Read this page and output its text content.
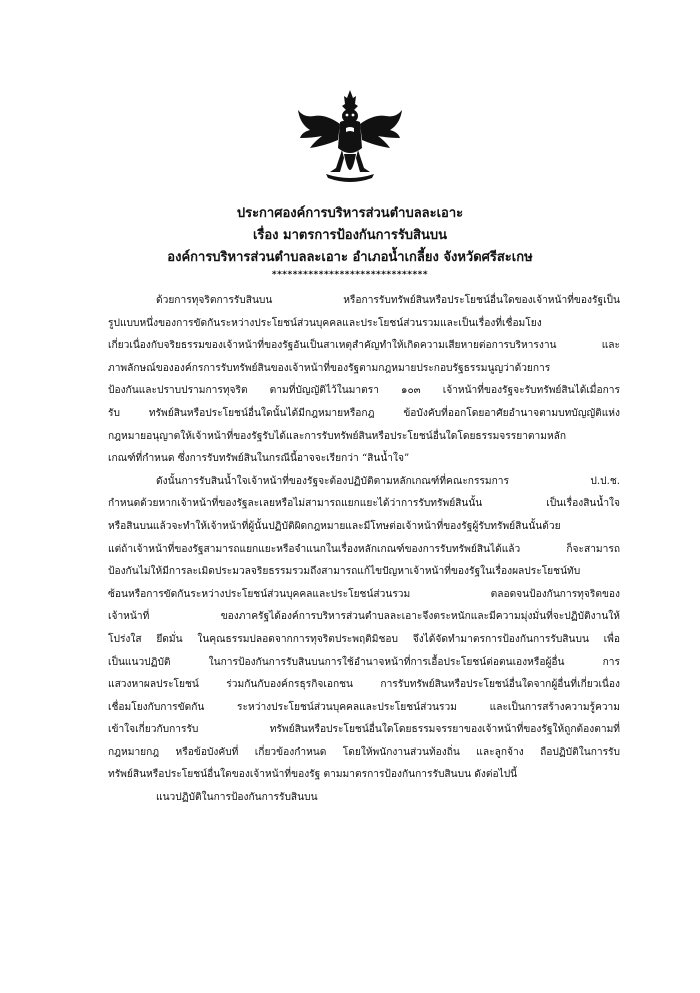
ประกาศองค์การบริหารส่วนตำบลละเอาะ
เรื่อง มาตรการป้องกันการรับสินบน
องค์การบริหารส่วนตำบลละเอาะ อำเภอน้ำเกลี้ยง จังหวัดศรีสะเกษ
******************************
ด้วยการทุจริตการรับสินบน หรือการรับทรัพย์สินหรือประโยชน์อื่นใดของเจ้าหน้าที่ของรัฐเป็น
รูปแบบหนึ่งของการขัดกันระหว่างประโยชน์ส่วนบุคคลและประโยชน์ส่วนรวมและเป็นเรื่องที่เชื่อมโยง
เกี่ยวเนื่องกับจริยธรรมของเจ้าหน้าที่ของรัฐอันเป็นสาเหตุสำคัญทำให้เกิดความเสียหายต่อการบริหารงาน และ
ภาพลักษณ์ขององค์กรการรับทรัพย์สินของเจ้าหน้าที่ของรัฐตามกฎหมายประกอบรัฐธรรมนูญว่าด้วยการ
ป้องกันและปราบปรามการทุจริต ตามที่บัญญัติไว้ในมาตรา ๑๐๓ เจ้าหน้าที่ของรัฐจะรับทรัพย์สินได้เมื่อการ
รับ ทรัพย์สินหรือประโยชน์อื่นใดนั้นได้มีกฎหมายหรือกฎ ข้อบังคับที่ออกโดยอาศัยอำนาจตามบทบัญญัติแห่ง
กฎหมายอนุญาตให้เจ้าหน้าที่ของรัฐรับได้และการรับทรัพย์สินหรือประโยชน์อื่นใดโดยธรรมจรรยาตามหลัก
เกณฑ์ที่กำหนด ซึ่งการรับทรัพย์สินในกรณีนี้อาจจะเรียกว่า “สินน้ำใจ”
ดังนั้นการรับสินน้ำใจเจ้าหน้าที่ของรัฐจะต้องปฏิบัติตามหลักเกณฑ์ที่คณะกรรมการ ป.ป.ช.
กำหนดด้วยหากเจ้าหน้าที่ของรัฐละเลยหรือไม่สามารถแยกแยะได้ว่าการรับทรัพย์สินนั้น เป็นเรื่องสินน้ำใจ
หรือสินบนแล้วจะทำให้เจ้าหน้าที่ผู้นั้นปฏิบัติผิดกฎหมายและมีโทษต่อเจ้าหน้าที่ของรัฐผู้รับทรัพย์สินนั้นด้วย
แต่ถ้าเจ้าหน้าที่ของรัฐสามารถแยกแยะหรือจำแนกในเรื่องหลักเกณฑ์ของการรับทรัพย์สินได้แล้ว ก็จะสามารถ
ป้องกันไม่ให้มีการละเมิดประมวลจริยธรรมรวมถึงสามารถแก้ไขปัญหาเจ้าหน้าที่ของรัฐในเรื่องผลประโยชน์ทับ
ซ้อนหรือการขัดกันระหว่างประโยชน์ส่วนบุคคลและประโยชน์ส่วนรวม ตลอดจนป้องกันการทุจริตของ
เจ้าหน้าที่ ของภาครัฐได้องค์การบริหารส่วนตำบลละเอาะจึงตระหนักและมีความมุ่งมั่นที่จะปฏิบัติงานให้
โปร่งใส ยึดมั่น ในคุณธรรมปลอดจากการทุจริตประพฤติมิชอบ จึงได้จัดทำมาตรการป้องกันการรับสินบน เพื่อ
เป็นแนวปฏิบัติ ในการป้องกันการรับสินบนการใช้อำนาจหน้าที่การเอื้อประโยชน์ต่อตนเองหรือผู้อื่น การ
แสวงหาผลประโยชน์ ร่วมกันกับองค์กรธุรกิจเอกชน การรับทรัพย์สินหรือประโยชน์อื่นใดจากผู้อื่นที่เกี่ยวเนื่อง
เชื่อมโยงกับการขัดกัน ระหว่างประโยชน์ส่วนบุคคลและประโยชน์ส่วนรวม และเป็นการสร้างความรู้ความ
เข้าใจเกี่ยวกับการรับ ทรัพย์สินหรือประโยชน์อื่นใดโดยธรรมจรรยาของเจ้าหน้าที่ของรัฐให้ถูกต้องตามที่
กฎหมายกฎ หรือข้อบังคับที่ เกี่ยวข้องกำหนด โดยให้พนักงานส่วนท้องถิ่น และลูกจ้าง ถือปฏิบัติในการรับ
ทรัพย์สินหรือประโยชน์อื่นใดของเจ้าหน้าที่ของรัฐ ตามมาตรการป้องกันการรับสินบน ดังต่อไปนี้
แนวปฏิบัติในการป้องกันการรับสินบน
